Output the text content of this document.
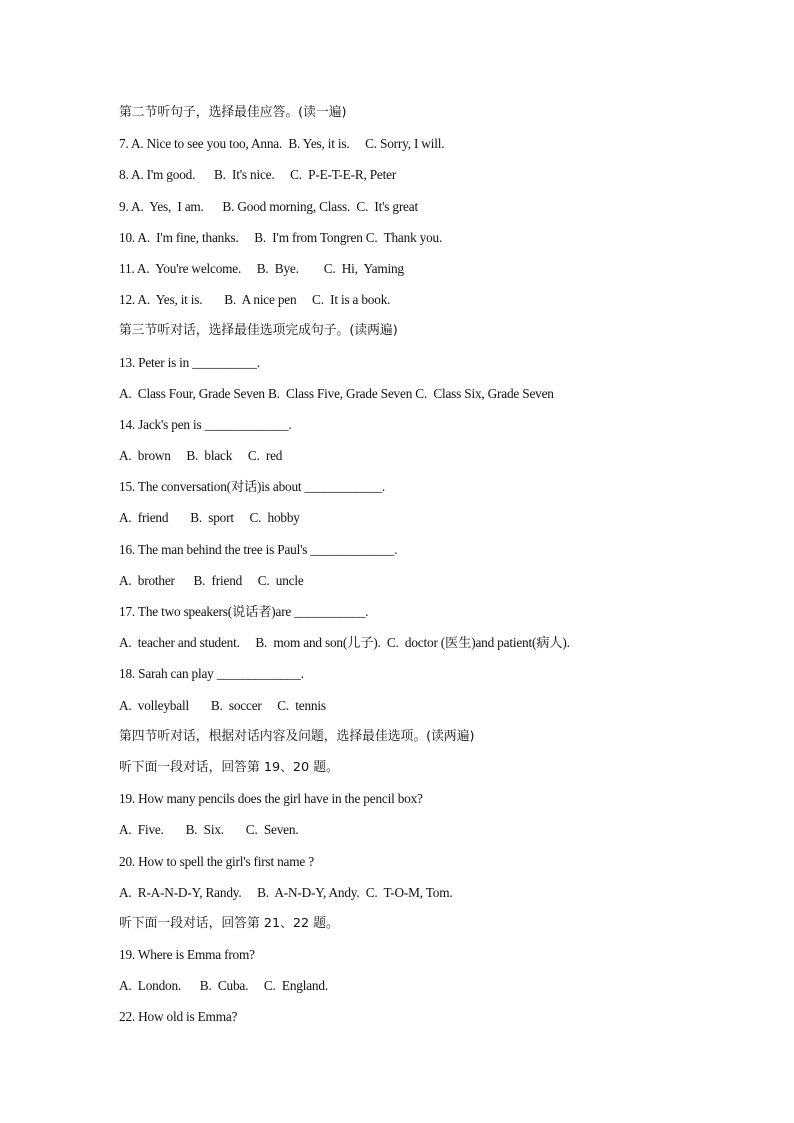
第二节听句子，选择最佳应答。(读一遍)
7. A. Nice to see you too, Anna.  B. Yes, it is.     C. Sorry, I will.
8. A. I'm good.      B.  It's nice.     C.  P-E-T-E-R, Peter
9. A.  Yes,  I am.      B. Good morning, Class.  C.  It's great
10. A.  I'm fine, thanks.     B.  I'm from Tongren C.  Thank you.
11. A.  You're welcome.     B.  Bye.        C.  Hi,  Yaming
12. A.  Yes, it is.       B.  A nice pen     C.  It is a book.
第三节听对话，选择最佳选项完成句子。(读两遍)
13. Peter is in __________.
A.  Class Four, Grade Seven B.  Class Five, Grade Seven C.  Class Six, Grade Seven
14. Jack's pen is _____________.
A.  brown     B.  black     C.  red
15. The conversation(对话)is about ____________.
A.  friend       B.  sport     C.  hobby
16. The man behind the tree is Paul's _____________.
A.  brother      B.  friend     C.  uncle
17. The two speakers(说话者)are ___________.
A.  teacher and student.     B.  mom and son(儿子).  C.  doctor (医生)and patient(病人).
18. Sarah can play _____________.
A.  volleyball       B.  soccer     C.  tennis
第四节听对话，根据对话内容及问题，选择最佳选项。(读两遍)
听下面一段对话，回答第 19、20 题。
19. How many pencils does the girl have in the pencil box?
A.  Five.       B.  Six.       C.  Seven.
20. How to spell the girl's first name ?
A.  R-A-N-D-Y, Randy.     B.  A-N-D-Y, Andy.  C.  T-O-M, Tom.
听下面一段对话，回答第 21、22 题。
19. Where is Emma from?
A.  London.      B.  Cuba.     C.  England.
22. How old is Emma?
